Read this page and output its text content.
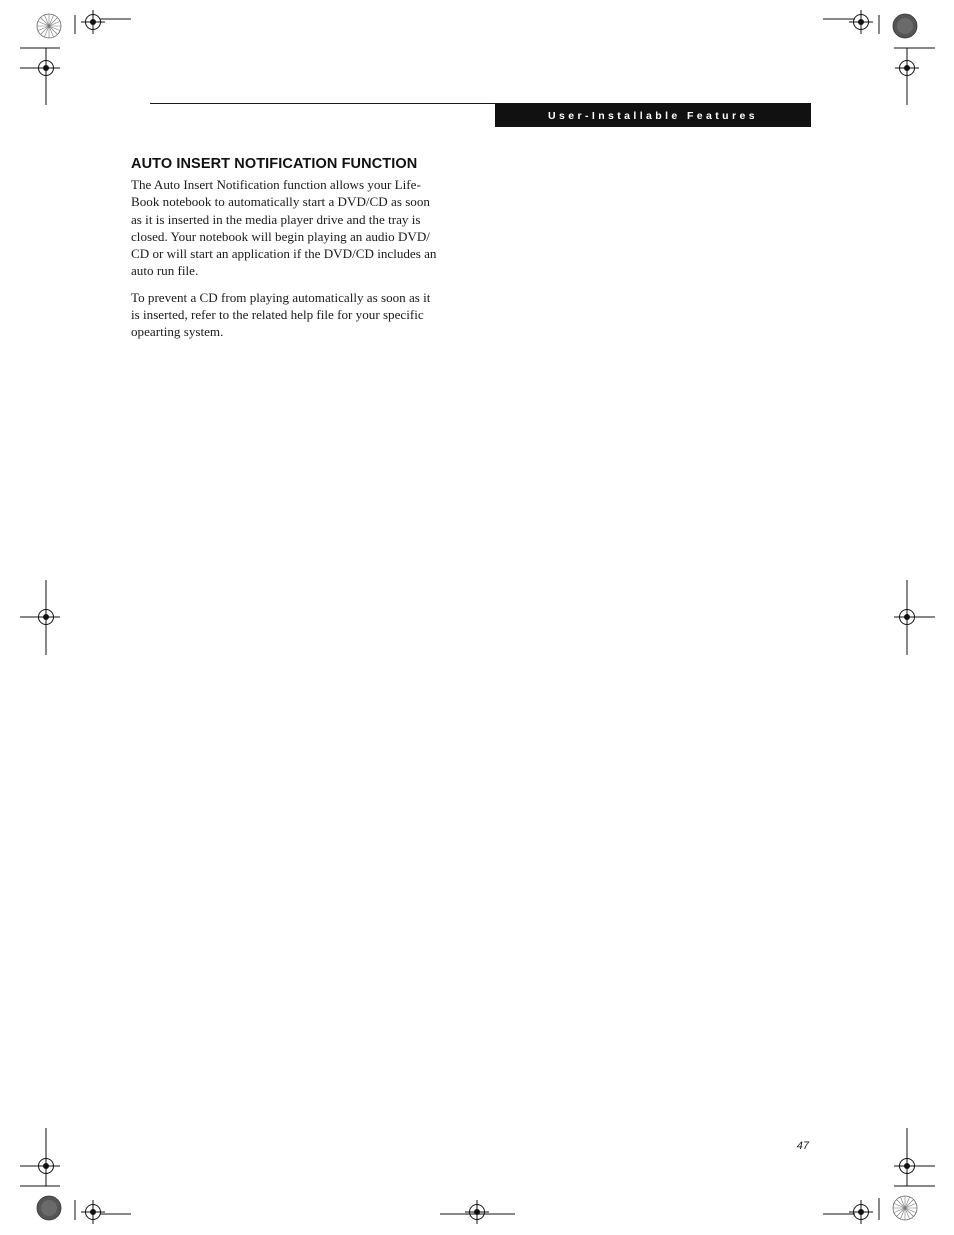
User-Installable Features
AUTO INSERT NOTIFICATION FUNCTION

The Auto Insert Notification function allows your Life-
Book notebook to automatically start a DVD/CD as soon
as it is inserted in the media player drive and the tray is
closed. Your notebook will begin playing an audio DVD/
CD or will start an application if the DVD/CD includes an
auto run file.

To prevent a CD from playing automatically as soon as it
is inserted, refer to the related help file for your specific
opearting system.

47
